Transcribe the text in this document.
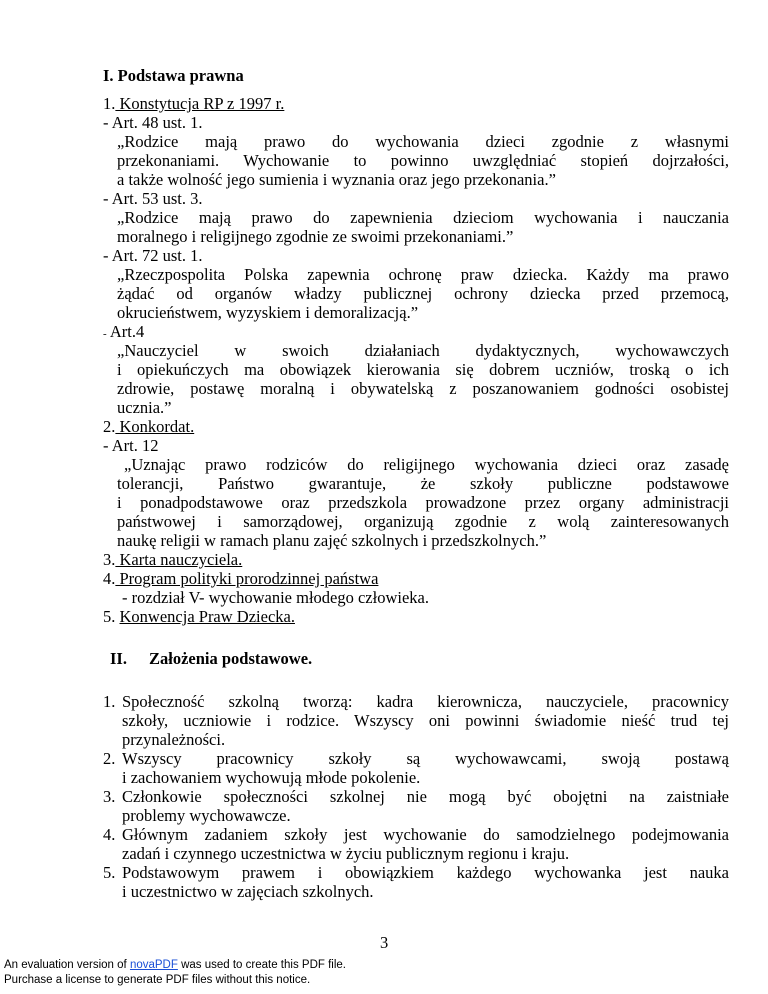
I. Podstawa prawna
1. Konstytucja RP z 1997 r.
- Art. 48 ust. 1.
„Rodzice mają prawo do wychowania dzieci zgodnie z własnymi
przekonaniami. Wychowanie to powinno uwzględniać stopień dojrzałości,
a także wolność jego sumienia i wyznania oraz jego przekonania.”
- Art. 53 ust. 3.
„Rodzice mają prawo do zapewnienia dzieciom wychowania i nauczania
moralnego i religijnego zgodnie ze swoimi przekonaniami.”
- Art. 72 ust. 1.
„Rzeczpospolita Polska zapewnia ochronę praw dziecka. Każdy ma prawo
żądać od organów władzy publicznej ochrony dziecka przed przemocą,
okrucieństwem, wyzyskiem i demoralizacją.”
- Art.4
„Nauczyciel w swoich działaniach dydaktycznych, wychowawczych
i opiekuńczych ma obowiązek kierowania się dobrem uczniów, troską o ich
zdrowie, postawę moralną i obywatelską z poszanowaniem godności osobistej
ucznia.”
2. Konkordat.
- Art. 12
„Uznając prawo rodziców do religijnego wychowania dzieci oraz zasadę
tolerancji, Państwo gwarantuje, że szkoły publiczne podstawowe
i ponadpodstawowe oraz przedszkola prowadzone przez organy administracji
państwowej i samorządowej, organizują zgodnie z wolą zainteresowanych
naukę religii w ramach planu zajęć szkolnych i przedszkolnych.”
3. Karta nauczyciela.
4. Program polityki prorodzinnej państwa
- rozdział V- wychowanie młodego człowieka.
5. Konwencja Praw Dziecka.
II. Założenia podstawowe.
1. Społeczność szkolną tworzą: kadra kierownicza, nauczyciele, pracownicy
szkoły, uczniowie i rodzice. Wszyscy oni powinni świadomie nieść trud tej
przynależności.
2. Wszyscy pracownicy szkoły są wychowawcami, swoją postawą
i zachowaniem wychowują młode pokolenie.
3. Członkowie społeczności szkolnej nie mogą być obojętni na zaistniałe
problemy wychowawcze.
4. Głównym zadaniem szkoły jest wychowanie do samodzielnego podejmowania
zadań i czynnego uczestnictwa w życiu publicznym regionu i kraju.
5. Podstawowym prawem i obowiązkiem każdego wychowanka jest nauka
i uczestnictwo w zajęciach szkolnych.
3
An evaluation version of novaPDF was used to create this PDF file.
Purchase a license to generate PDF files without this notice.
